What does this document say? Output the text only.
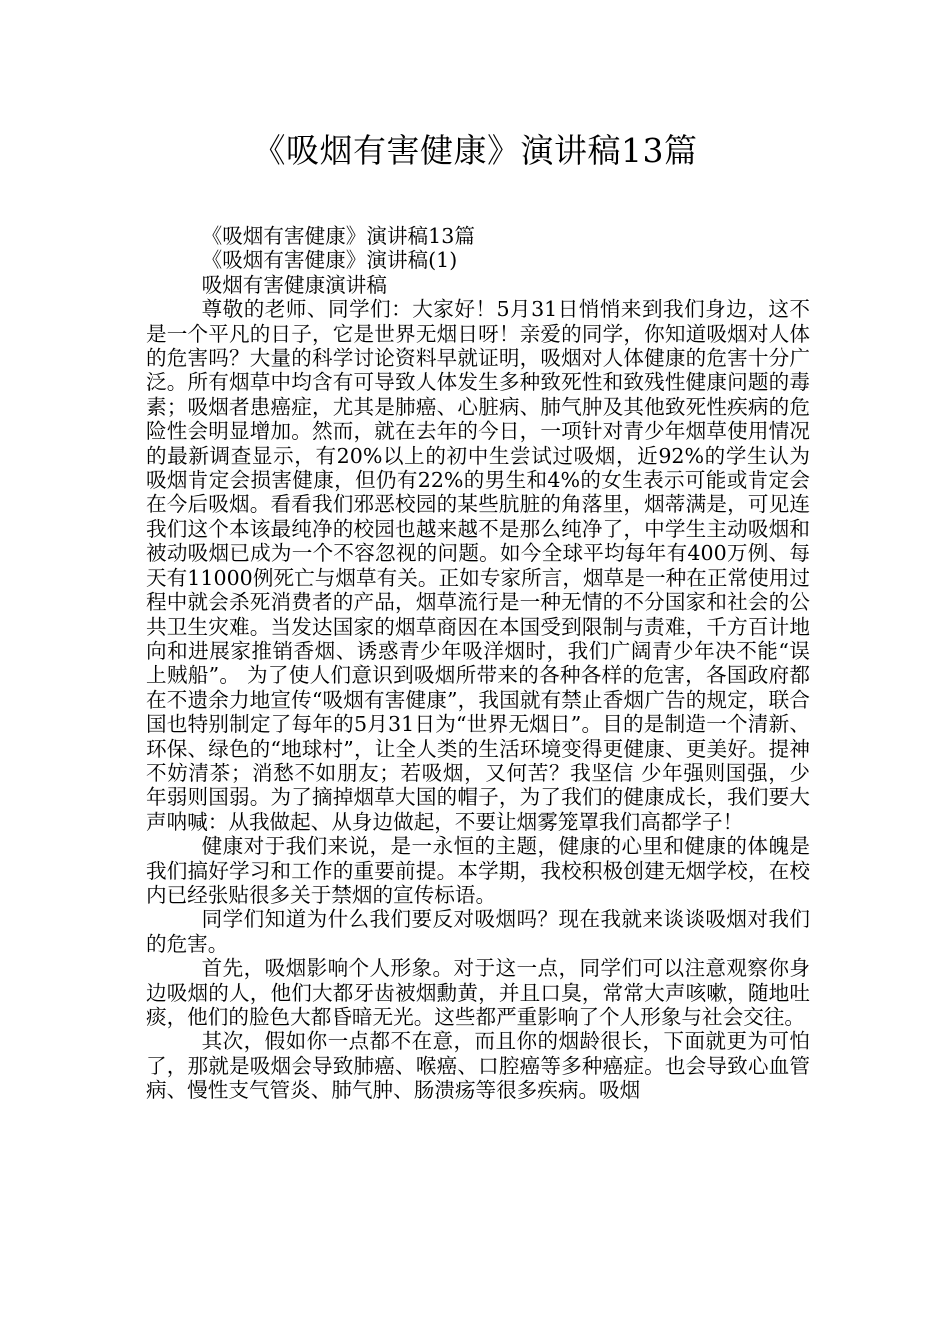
《吸烟有害健康》演讲稿13篇

《吸烟有害健康》演讲稿13篇

《吸烟有害健康》演讲稿(1)

吸烟有害健康演讲稿

尊敬的老师、同学们：大家好！5月31日悄悄来到我们身边，这不是一个平凡的日子，它是世界无烟日呀！亲爱的同学，你知道吸烟对人体的危害吗？大量的科学讨论资料早就证明，吸烟对人体健康的危害十分广泛。所有烟草中均含有可导致人体发生多种致死性和致残性健康问题的毒素；吸烟者患癌症，尤其是肺癌、心脏病、肺气肿及其他致死性疾病的危险性会明显增加。然而，就在去年的今日，一项针对青少年烟草使用情况的最新调查显示，有20%以上的初中生尝试过吸烟，近92%的学生认为吸烟肯定会损害健康，但仍有22%的男生和4%的女生表示可能或肯定会在今后吸烟。看看我们邪恶校园的某些肮脏的角落里，烟蒂满是，可见连我们这个本该最纯净的校园也越来越不是那么纯净了，中学生主动吸烟和被动吸烟已成为一个不容忽视的问题。如今全球平均每年有400万例、每天有11000例死亡与烟草有关。正如专家所言，烟草是一种在正常使用过程中就会杀死消费者的产品，烟草流行是一种无情的不分国家和社会的公共卫生灾难。当发达国家的烟草商因在本国受到限制与责难，千方百计地向和进展家推销香烟、诱惑青少年吸洋烟时，我们广阔青少年决不能“误上贼船”。 为了使人们意识到吸烟所带来的各种各样的危害，各国政府都在不遗余力地宣传“吸烟有害健康”，我国就有禁止香烟广告的规定，联合国也特别制定了每年的5月31日为“世界无烟日”。目的是制造一个清新、环保、绿色的“地球村”，让全人类的生活环境变得更健康、更美好。提神不妨清茶；消愁不如朋友；若吸烟，又何苦？我坚信 少年强则国强，少年弱则国弱。为了摘掉烟草大国的帽子，为了我们的健康成长，我们要大声呐喊：从我做起、从身边做起，不要让烟雾笼罩我们高都学子！

健康对于我们来说，是一永恒的主题，健康的心里和健康的体魄是我们搞好学习和工作的重要前提。本学期，我校积极创建无烟学校，在校内已经张贴很多关于禁烟的宣传标语。

同学们知道为什么我们要反对吸烟吗？现在我就来谈谈吸烟对我们的危害。

首先，吸烟影响个人形象。对于这一点，同学们可以注意观察你身边吸烟的人，他们大都牙齿被烟勳黄，并且口臭，常常大声咳嗽，随地吐痰，他们的脸色大都昏暗无光。这些都严重影响了个人形象与社会交往。

其次，假如你一点都不在意，而且你的烟龄很长，下面就更为可怕了，那就是吸烟会导致肺癌、喉癌、口腔癌等多种癌症。也会导致心血管病、慢性支气管炎、肺气肿、肠溃疡等很多疾病。吸烟
